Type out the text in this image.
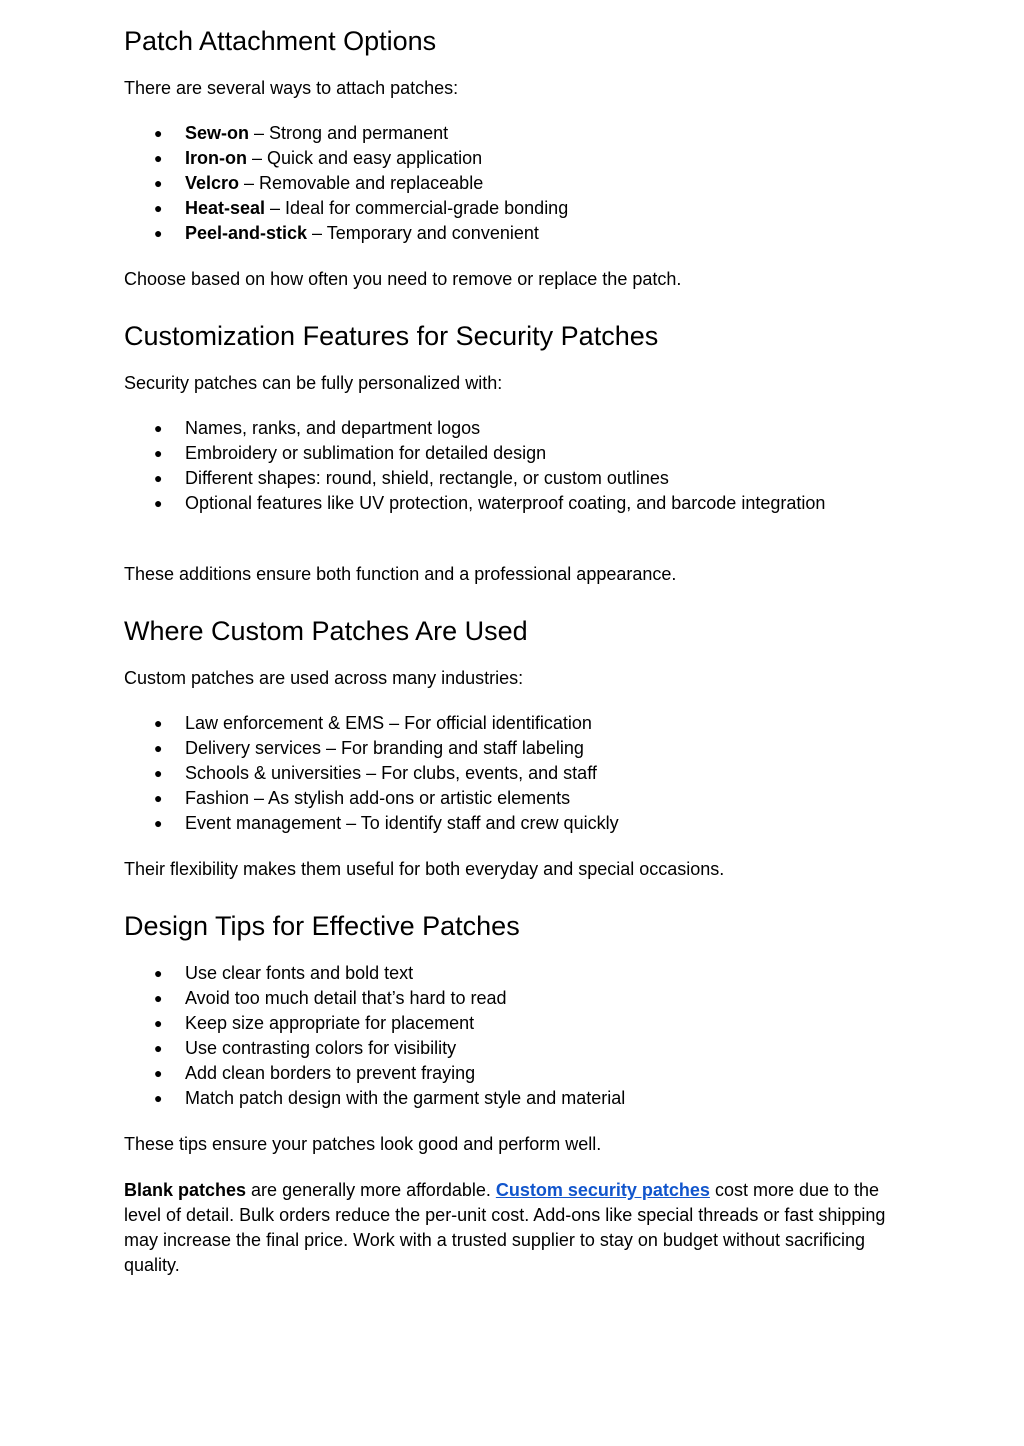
Patch Attachment Options

There are several ways to attach patches:

● Sew-on – Strong and permanent
● Iron-on – Quick and easy application
● Velcro – Removable and replaceable
● Heat-seal – Ideal for commercial-grade bonding
● Peel-and-stick – Temporary and convenient

Choose based on how often you need to remove or replace the patch.

Customization Features for Security Patches

Security patches can be fully personalized with:

● Names, ranks, and department logos
● Embroidery or sublimation for detailed design
● Different shapes: round, shield, rectangle, or custom outlines
● Optional features like UV protection, waterproof coating, and barcode integration

These additions ensure both function and a professional appearance.

Where Custom Patches Are Used

Custom patches are used across many industries:

● Law enforcement & EMS – For official identification
● Delivery services – For branding and staff labeling
● Schools & universities – For clubs, events, and staff
● Fashion – As stylish add-ons or artistic elements
● Event management – To identify staff and crew quickly

Their flexibility makes them useful for both everyday and special occasions.

Design Tips for Effective Patches
● Use clear fonts and bold text
● Avoid too much detail that’s hard to read
● Keep size appropriate for placement
● Use contrasting colors for visibility
● Add clean borders to prevent fraying
● Match patch design with the garment style and material

These tips ensure your patches look good and perform well.

Blank patches are generally more affordable. Custom security patches cost more due to the level of detail. Bulk orders reduce the per-unit cost. Add-ons like special threads or fast shipping may increase the final price. Work with a trusted supplier to stay on budget without sacrificing quality.
